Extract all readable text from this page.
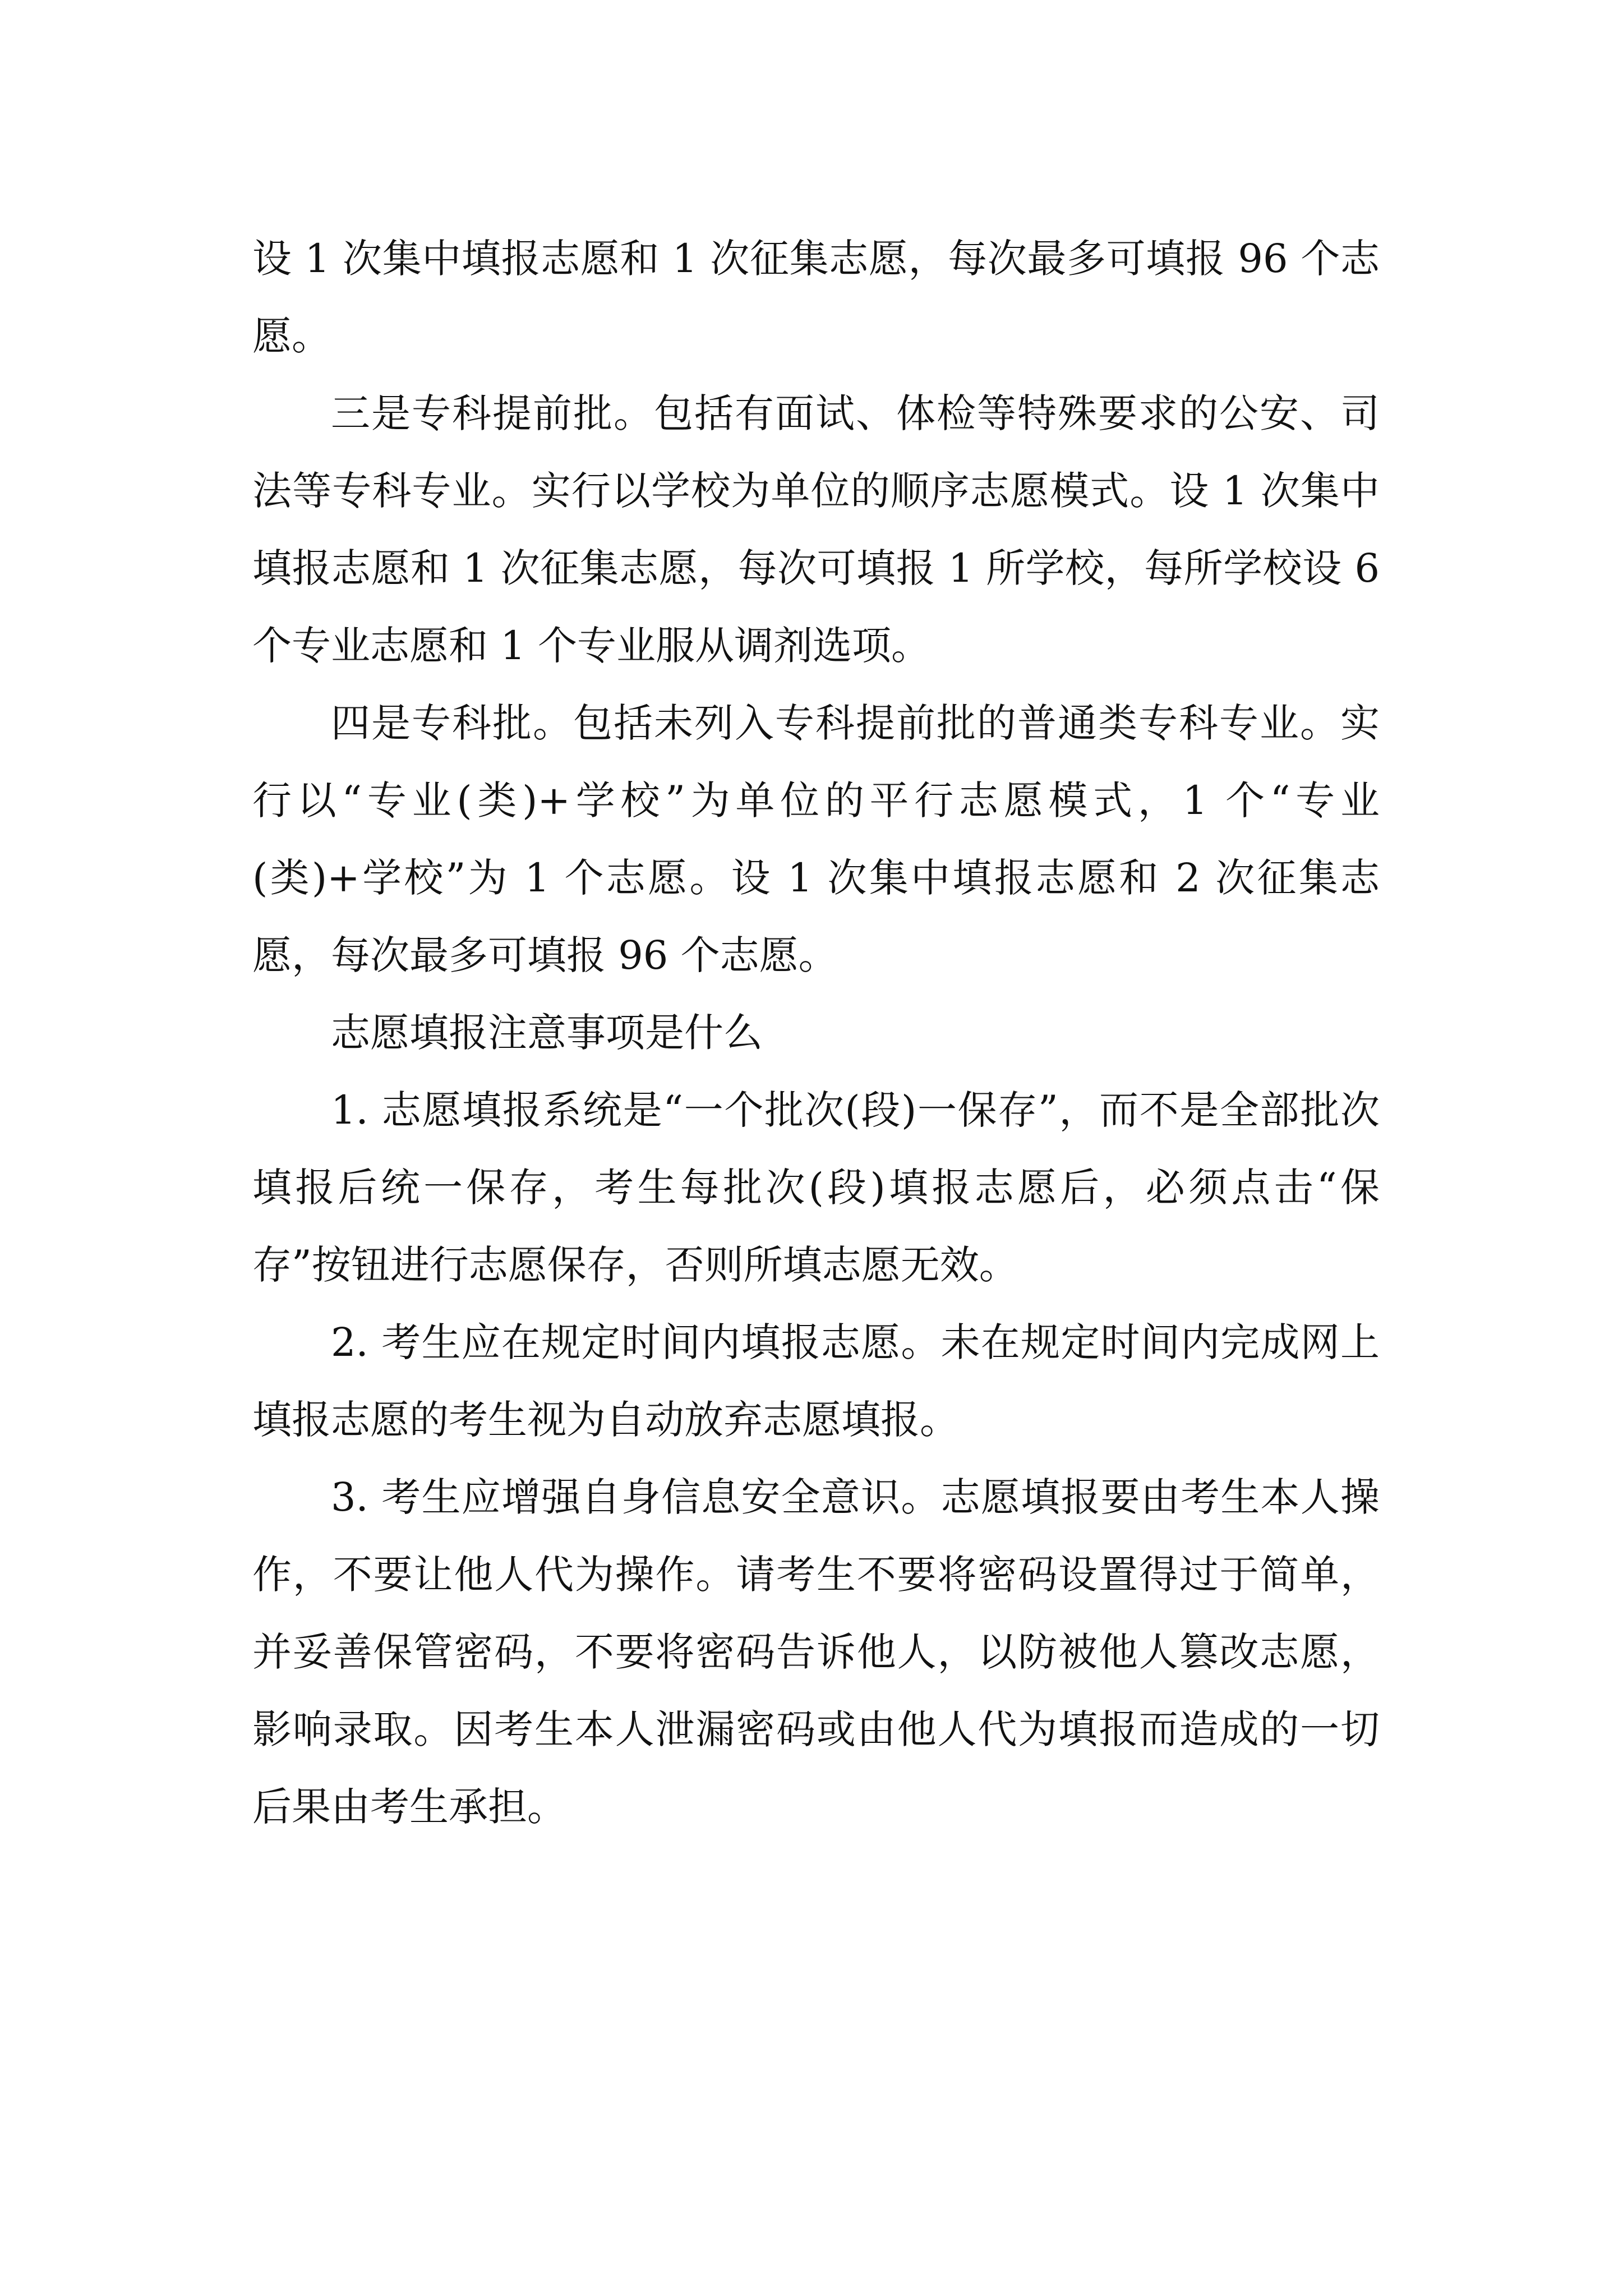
设 1 次集中填报志愿和 1 次征集志愿，每次最多可填报 96 个志愿。

三是专科提前批。包括有面试、体检等特殊要求的公安、司法等专科专业。实行以学校为单位的顺序志愿模式。设 1 次集中填报志愿和 1 次征集志愿，每次可填报 1 所学校，每所学校设 6 个专业志愿和 1 个专业服从调剂选项。

四是专科批。包括未列入专科提前批的普通类专科专业。实行以“专业(类)+学校”为单位的平行志愿模式，1 个“专业(类)+学校”为 1 个志愿。设 1 次集中填报志愿和 2 次征集志愿，每次最多可填报 96 个志愿。

志愿填报注意事项是什么

1. 志愿填报系统是“一个批次(段)一保存”，而不是全部批次填报后统一保存，考生每批次(段)填报志愿后，必须点击“保存”按钮进行志愿保存，否则所填志愿无效。

2. 考生应在规定时间内填报志愿。未在规定时间内完成网上填报志愿的考生视为自动放弃志愿填报。

3. 考生应增强自身信息安全意识。志愿填报要由考生本人操作，不要让他人代为操作。请考生不要将密码设置得过于简单，并妥善保管密码，不要将密码告诉他人，以防被他人篡改志愿，影响录取。因考生本人泄漏密码或由他人代为填报而造成的一切后果由考生承担。
